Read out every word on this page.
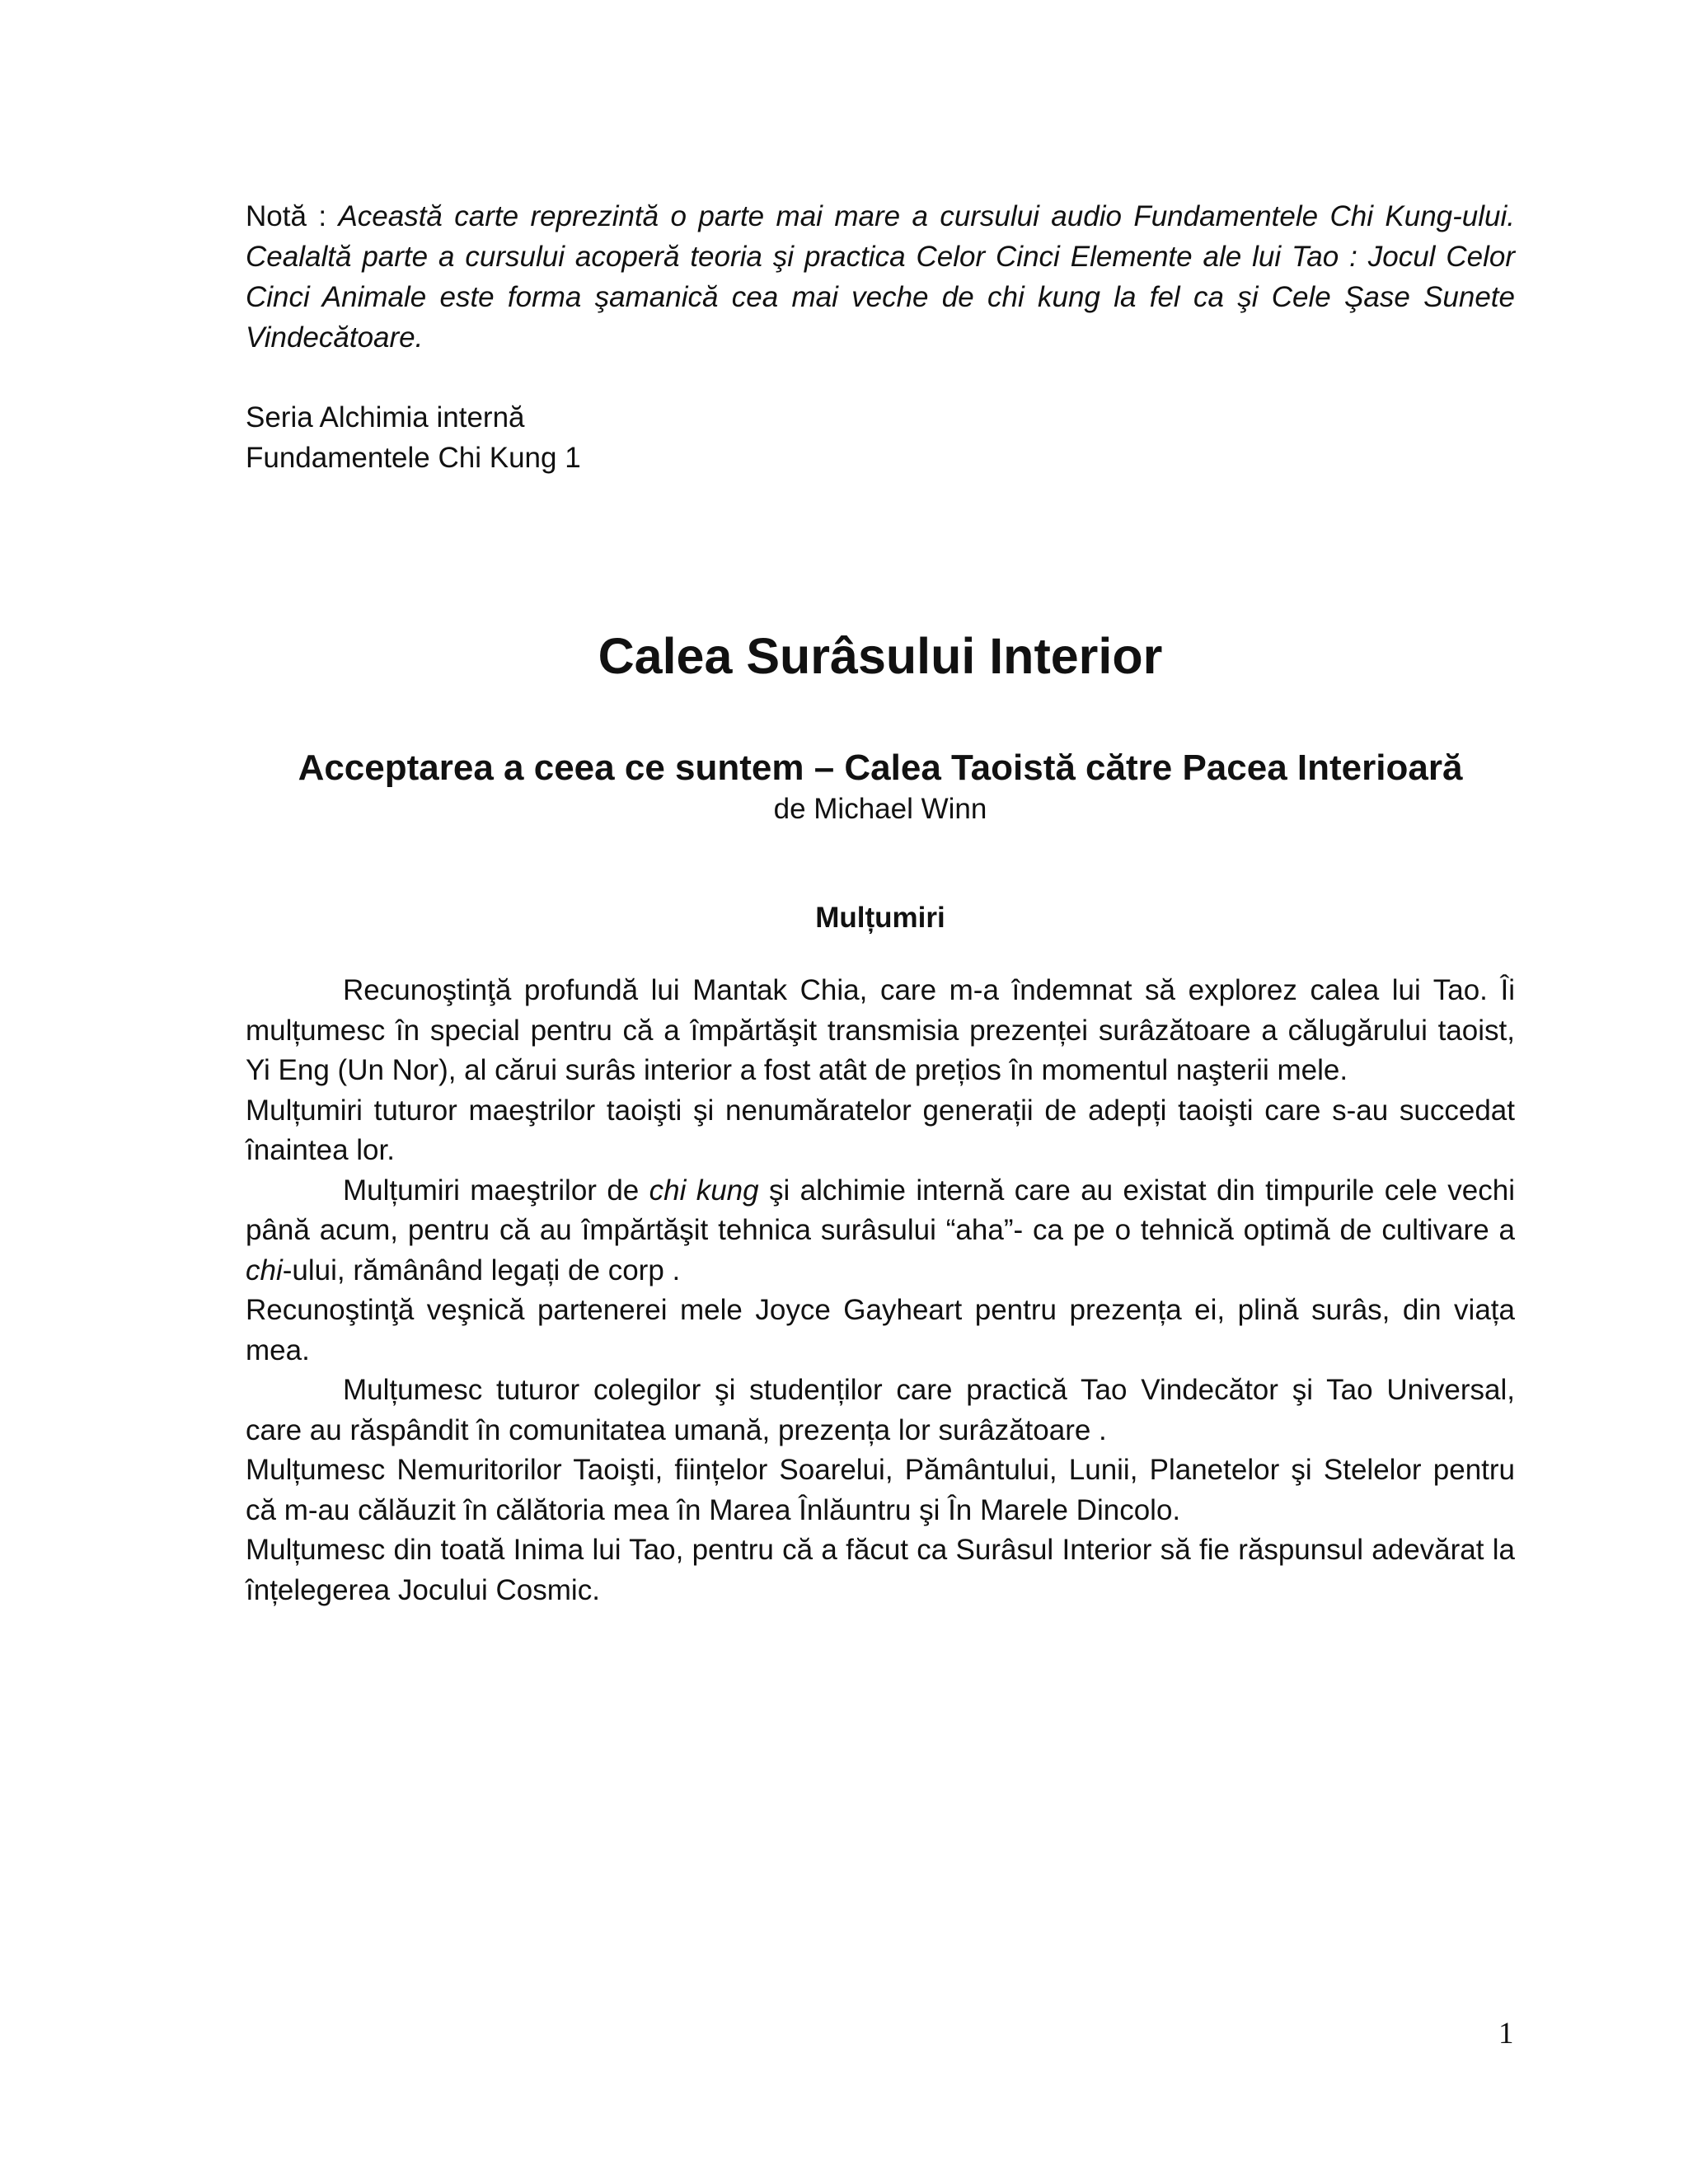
Notă : Această carte reprezintă o parte mai mare a cursului audio Fundamentele Chi Kung-ului. Cealaltă parte a cursului acoperă teoria şi practica Celor Cinci Elemente ale lui Tao : Jocul Celor Cinci Animale este forma şamanică cea mai veche de chi kung la fel ca şi Cele Şase Sunete Vindecătoare.

Seria Alchimia internă
Fundamentele Chi Kung 1
Calea Surâsului Interior
Acceptarea a ceea ce suntem – Calea Taoistă către Pacea Interioară
de Michael Winn
Mulțumiri

Recunoştinţă profundă lui Mantak Chia, care m-a îndemnat să explorez calea lui Tao. Îi mulțumesc în special pentru că a împărtăşit transmisia prezenței surâzătoare a călugărului taoist, Yi Eng (Un Nor), al cărui surâs interior a fost atât de prețios în momentul naşterii mele.

Mulțumiri tuturor maeştrilor taoişti şi nenumăratelor generații de adepți taoişti care s-au succedat înaintea lor.

Mulțumiri maeştrilor de chi kung şi alchimie internă care au existat din timpurile cele vechi până acum, pentru că au împărtăşit tehnica surâsului “aha”- ca pe o tehnică optimă de cultivare a chi-ului, rămânând legați de corp .

Recunoştinţă veşnică partenerei mele Joyce Gayheart pentru prezența ei, plină surâs, din viața mea.

Mulțumesc tuturor colegilor şi studenților care practică Tao Vindecător şi Tao Universal, care au răspândit în comunitatea umană, prezența lor surâzătoare .

Mulțumesc Nemuritorilor Taoişti, ființelor Soarelui, Pământului, Lunii, Planetelor şi Stelelor pentru că m-au călăuzit în călătoria mea în Marea Înlăuntru şi În Marele Dincolo.

Mulțumesc din toată Inima lui Tao, pentru că a făcut ca Surâsul Interior să fie răspunsul adevărat la înțelegerea Jocului Cosmic.

1
